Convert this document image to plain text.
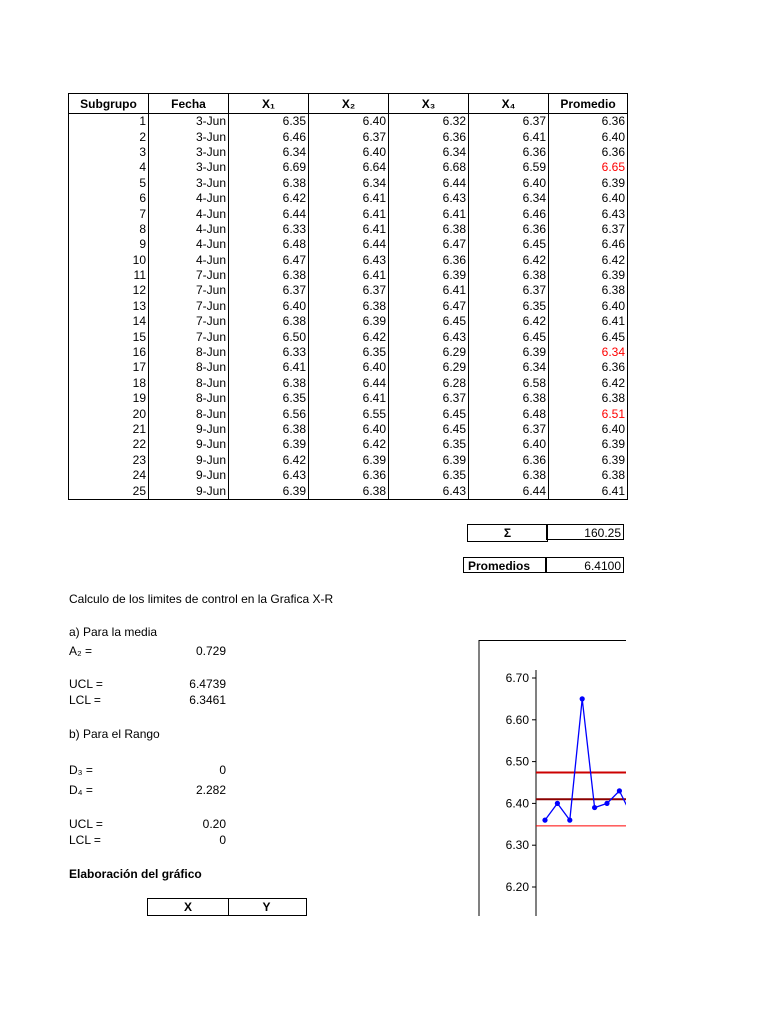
Subgrupo	Fecha	X₁	X₂	X₃	X₄	Promedio
1	3-Jun	6.35	6.40	6.32	6.37	6.36
2	3-Jun	6.46	6.37	6.36	6.41	6.40
3	3-Jun	6.34	6.40	6.34	6.36	6.36
4	3-Jun	6.69	6.64	6.68	6.59	6.65
5	3-Jun	6.38	6.34	6.44	6.40	6.39
6	4-Jun	6.42	6.41	6.43	6.34	6.40
7	4-Jun	6.44	6.41	6.41	6.46	6.43
8	4-Jun	6.33	6.41	6.38	6.36	6.37
9	4-Jun	6.48	6.44	6.47	6.45	6.46
10	4-Jun	6.47	6.43	6.36	6.42	6.42
11	7-Jun	6.38	6.41	6.39	6.38	6.39
12	7-Jun	6.37	6.37	6.41	6.37	6.38
13	7-Jun	6.40	6.38	6.47	6.35	6.40
14	7-Jun	6.38	6.39	6.45	6.42	6.41
15	7-Jun	6.50	6.42	6.43	6.45	6.45
16	8-Jun	6.33	6.35	6.29	6.39	6.34
17	8-Jun	6.41	6.40	6.29	6.34	6.36
18	8-Jun	6.38	6.44	6.28	6.58	6.42
19	8-Jun	6.35	6.41	6.37	6.38	6.38
20	8-Jun	6.56	6.55	6.45	6.48	6.51
21	9-Jun	6.38	6.40	6.45	6.37	6.40
22	9-Jun	6.39	6.42	6.35	6.40	6.39
23	9-Jun	6.42	6.39	6.39	6.36	6.39
24	9-Jun	6.43	6.36	6.35	6.38	6.38
25	9-Jun	6.39	6.38	6.43	6.44	6.41
Σ	160.25
Promedios	6.4100
Calculo de los limites de control en la Grafica X-R
a) Para la media
A₂ =	0.729
UCL =	6.4739
LCL =	6.3461
b) Para el Rango
D₃ =	0
D₄ =	2.282
UCL =	0.20
LCL =	0
Elaboración del gráfico
X	Y
6.70
6.60
6.50
6.40
6.30
6.20
